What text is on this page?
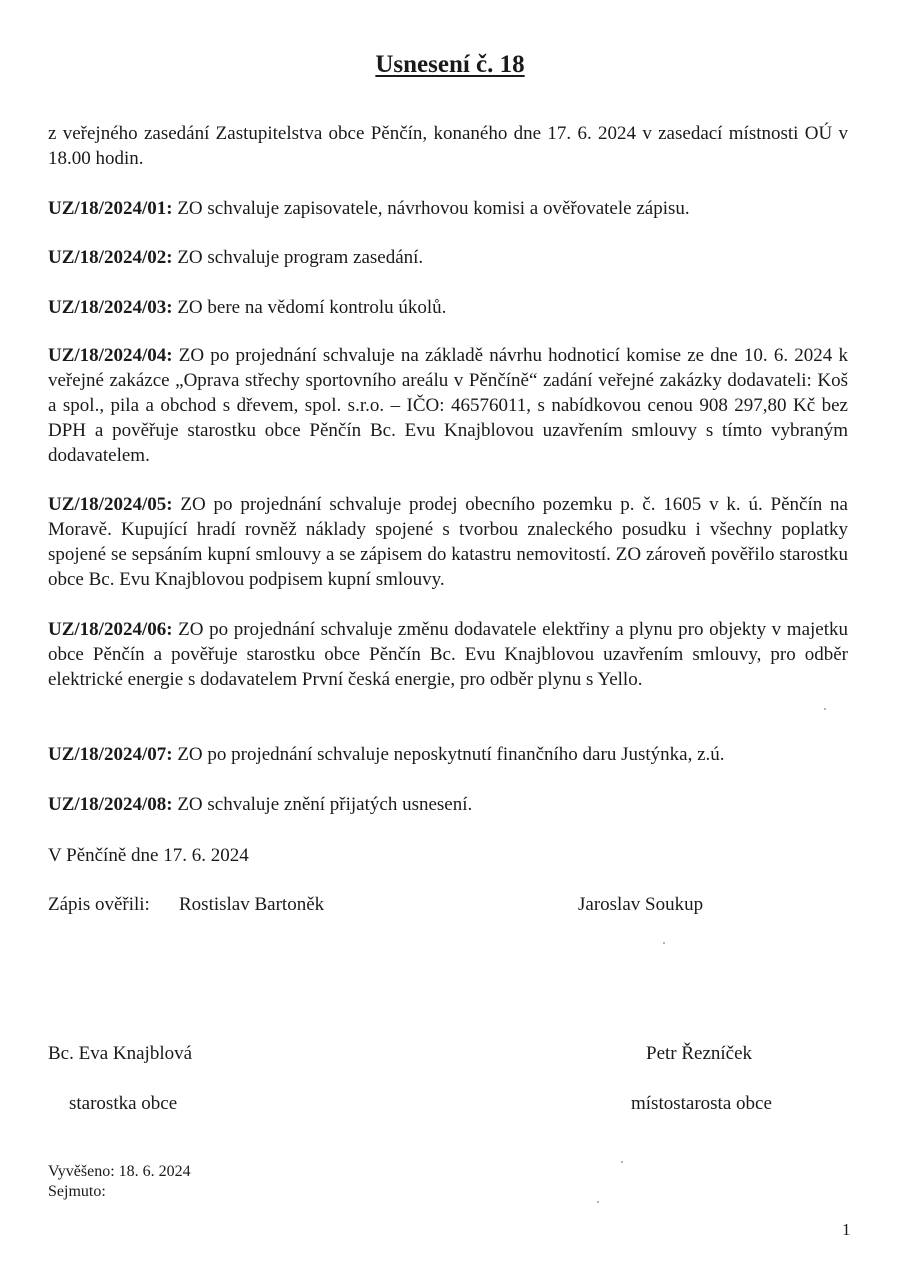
Usnesení č. 18
z veřejného zasedání Zastupitelstva obce Pěnčín, konaného dne 17. 6. 2024 v zasedací místnosti OÚ v 18.00 hodin.
UZ/18/2024/01: ZO schvaluje zapisovatele, návrhovou komisi a ověřovatele zápisu.
UZ/18/2024/02: ZO schvaluje program zasedání.
UZ/18/2024/03: ZO bere na vědomí kontrolu úkolů.
UZ/18/2024/04: ZO po projednání schvaluje na základě návrhu hodnoticí komise ze dne 10. 6. 2024 k veřejné zakázce „Oprava střechy sportovního areálu v Pěnčíně“ zadání veřejné zakázky dodavateli: Koš a spol., pila a obchod s dřevem, spol. s.r.o. – IČO: 46576011, s nabídkovou cenou 908 297,80 Kč bez DPH a pověřuje starostku obce Pěnčín Bc. Evu Knajblovou uzavřením smlouvy s tímto vybraným dodavatelem.
UZ/18/2024/05: ZO po projednání schvaluje prodej obecního pozemku p. č. 1605 v k. ú. Pěnčín na Moravě. Kupující hradí rovněž náklady spojené s tvorbou znaleckého posudku i všechny poplatky spojené se sepsáním kupní smlouvy a se zápisem do katastru nemovitostí. ZO zároveň pověřilo starostku obce Bc. Evu Knajblovou podpisem kupní smlouvy.
UZ/18/2024/06: ZO po projednání schvaluje změnu dodavatele elektřiny a plynu pro objekty v majetku obce Pěnčín a pověřuje starostku obce Pěnčín Bc. Evu Knajblovou uzavřením smlouvy, pro odběr elektrické energie s dodavatelem První česká energie, pro odběr plynu s Yello.
UZ/18/2024/07: ZO po projednání schvaluje neposkytnutí finančního daru Justýnka, z.ú.
UZ/18/2024/08: ZO schvaluje znění přijatých usnesení.
V Pěnčíně dne 17. 6. 2024
Zápis ověřili: Rostislav Bartoněk	Jaroslav Soukup
Bc. Eva Knajblová	Petr Řezníček
starostka obce	místostarosta obce
Vyvěšeno: 18. 6. 2024
Sejmuto:
1
